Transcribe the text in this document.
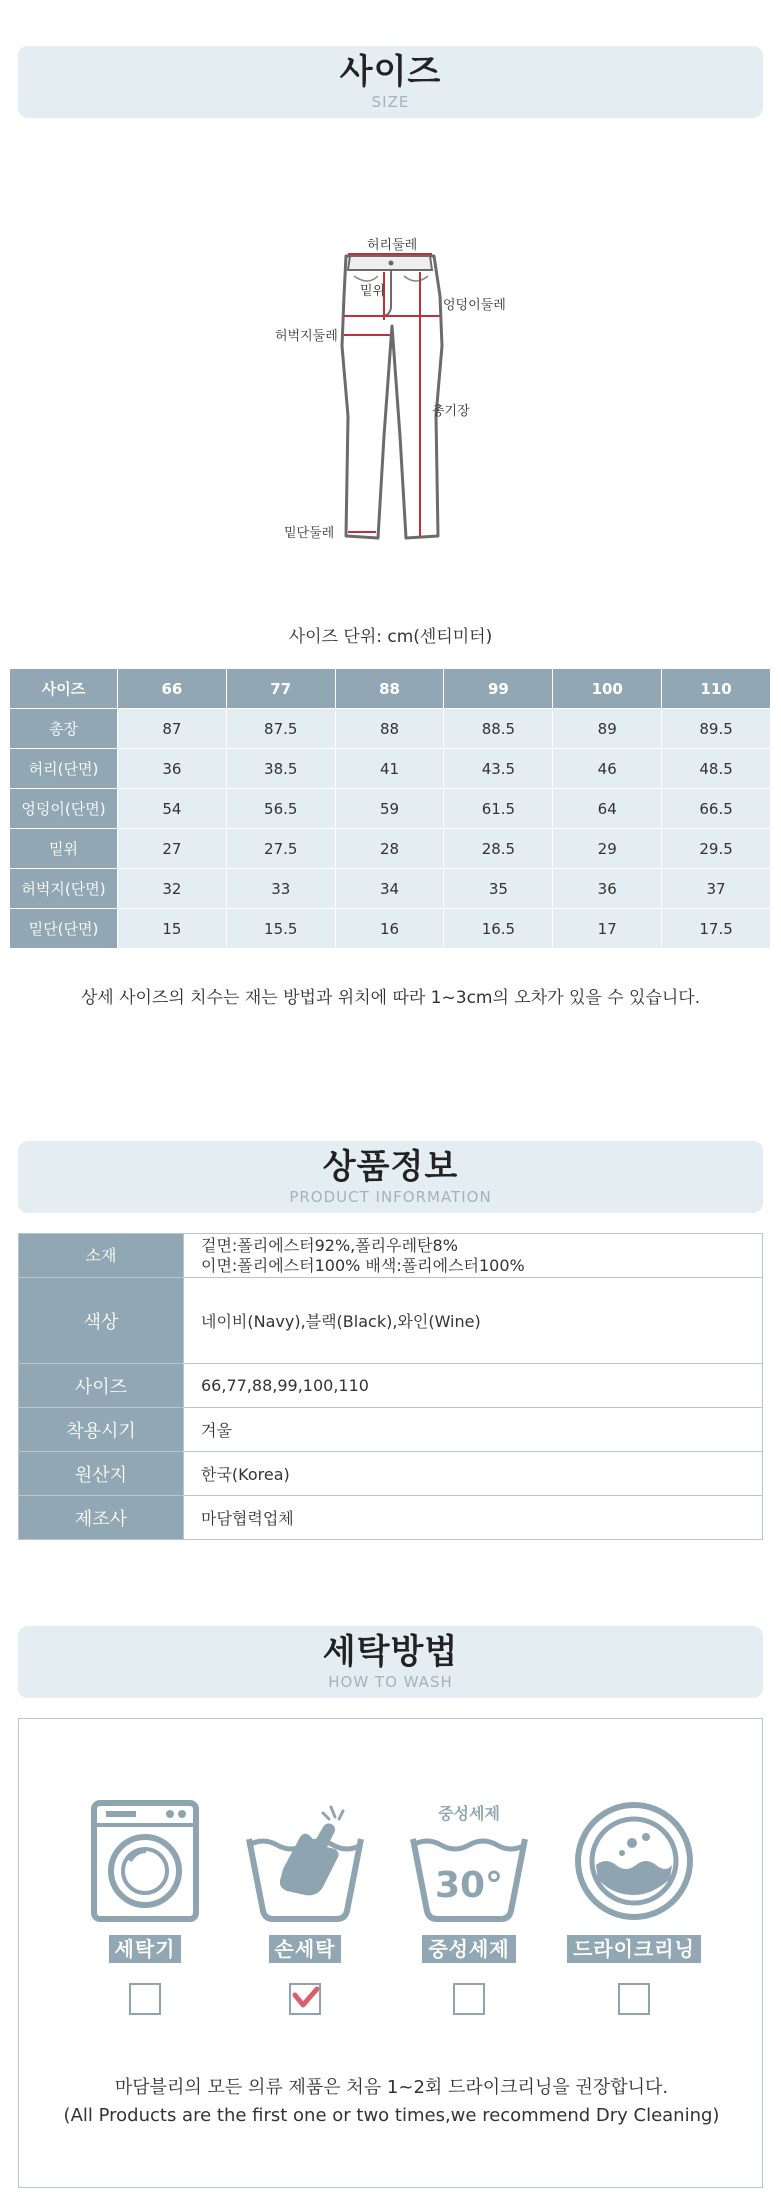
사이즈
SIZE
허리둘레
밑위
엉덩이둘레
허벅지둘레
총기장
밑단둘레
사이즈 단위: cm(센티미터)
사이즈	66	77	88	99	100	110
총장	87	87.5	88	88.5	89	89.5
허리(단면)	36	38.5	41	43.5	46	48.5
엉덩이(단면)	54	56.5	59	61.5	64	66.5
밑위	27	27.5	28	28.5	29	29.5
허벅지(단면)	32	33	34	35	36	37
밑단(단면)	15	15.5	16	16.5	17	17.5
상세 사이즈의 치수는 재는 방법과 위치에 따라 1~3cm의 오차가 있을 수 있습니다.
상품정보
PRODUCT INFORMATION
소재	겉면:폴리에스터92%,폴리우레탄8%
이면:폴리에스터100% 배색:폴리에스터100%

색상	네이비(Navy),블랙(Black),와인(Wine)
사이즈	66,77,88,99,100,110
착용시기	겨울
원산지	한국(Korea)
제조사	마담협력업체
세탁방법
HOW TO WASH
세탁기	손세탁
중성세제
30°
중성세제	드라이크리닝
마담블리의 모든 의류 제품은 처음 1~2회 드라이크리닝을 권장합니다.
(All Products are the first one or two times,we recommend Dry Cleaning)
